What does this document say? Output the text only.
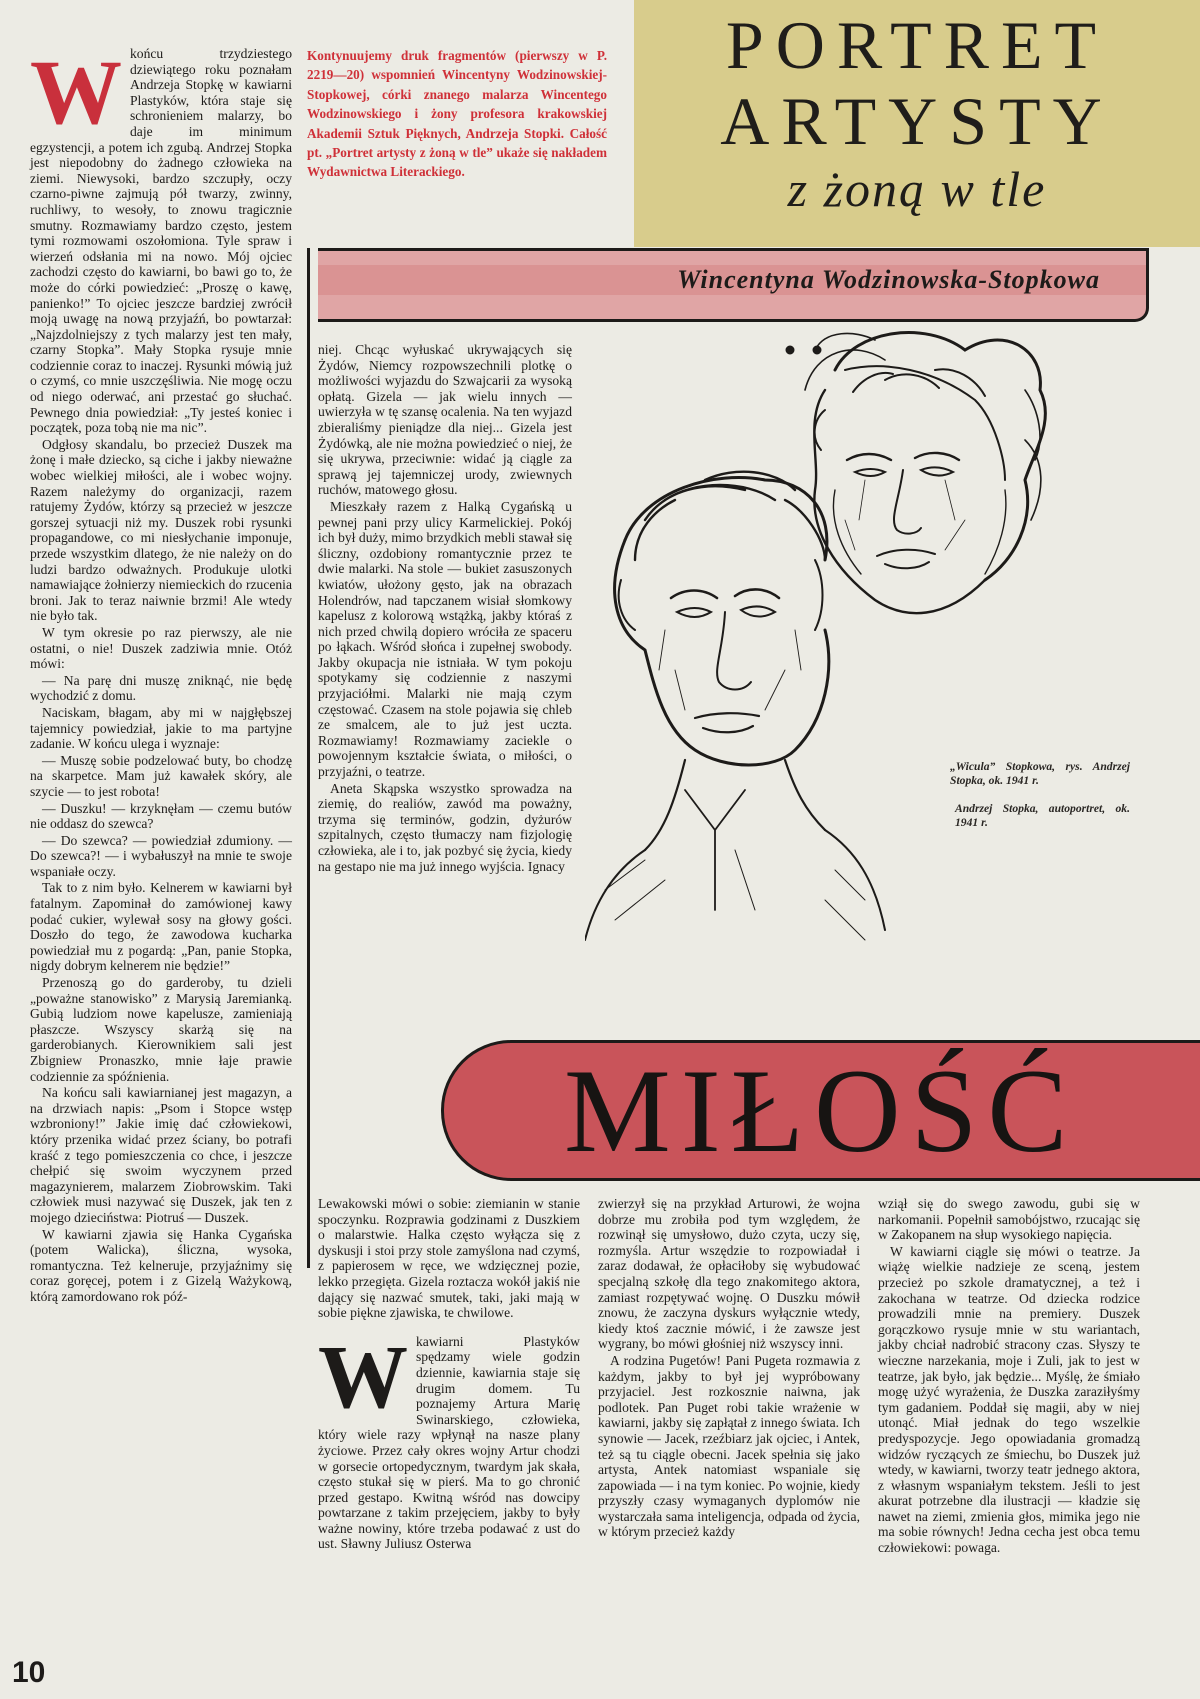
PORTRET
ARTYSTY
z żoną w tle
Kontynuujemy druk fragmentów (pierwszy w P. 2219—20) wspomnień Wincentyny Wodzinowskiej-Stopkowej, córki znanego malarza Wincentego Wodzinowskiego i żony profesora krakowskiej Akademii Sztuk Pięknych, Andrzeja Stopki. Całość pt. „Portret artysty z żoną w tle” ukaże się nakładem Wydawnictwa Literackiego.
Wincentyna Wodzinowska-Stopkowa
W końcu trzydziestego dziewiątego roku poznałam Andrzeja Stopkę w kawiarni Plastyków, która staje się schronieniem malarzy, bo daje im minimum egzystencji, a potem ich zgubą. Andrzej Stopka jest niepodobny do żadnego człowieka na ziemi. Niewysoki, bardzo szczupły, oczy czarno-piwne zajmują pół twarzy, zwinny, ruchliwy, to wesoły, to znowu tragicznie smutny. Rozmawiamy bardzo często, jestem tymi rozmowami oszołomiona. Tyle spraw i wierzeń odsłania mi na nowo. Mój ojciec zachodzi często do kawiarni, bo bawi go to, że może do córki powiedzieć: „Proszę o kawę, panienko!” To ojciec jeszcze bardziej zwrócił moją uwagę na nową przyjaźń, bo powtarzał: „Najzdolniejszy z tych malarzy jest ten mały, czarny Stopka”. Mały Stopka rysuje mnie codziennie coraz to inaczej. Rysunki mówią już o czymś, co mnie uszczęśliwia. Nie mogę oczu od niego oderwać, ani przestać go słuchać. Pewnego dnia powiedział: „Ty jesteś koniec i początek, poza tobą nie ma nic”.

Odgłosy skandalu, bo przecież Duszek ma żonę i małe dziecko, są ciche i jakby nieważne wobec wielkiej miłości, ale i wobec wojny. Razem należymy do organizacji, razem ratujemy Żydów, którzy są przecież w jeszcze gorszej sytuacji niż my. Duszek robi rysunki propagandowe, co mi niesłychanie imponuje, przede wszystkim dlatego, że nie należy on do ludzi bardzo odważnych. Produkuje ulotki namawiające żołnierzy niemieckich do rzucenia broni. Jak to teraz naiwnie brzmi! Ale wtedy nie było tak.

W tym okresie po raz pierwszy, ale nie ostatni, o nie! Duszek zadziwia mnie. Otóż mówi:

— Na parę dni muszę zniknąć, nie będę wychodzić z domu.

Naciskam, błagam, aby mi w najgłębszej tajemnicy powiedział, jakie to ma partyjne zadanie. W końcu ulega i wyznaje:

— Muszę sobie podzelować buty, bo chodzę na skarpetce. Mam już kawałek skóry, ale szycie — to jest robota!

— Duszku! — krzyknęłam — czemu butów nie oddasz do szewca?

— Do szewca? — powiedział zdumiony. — Do szewca?! — i wybałuszył na mnie te swoje wspaniałe oczy.

Tak to z nim było. Kelnerem w kawiarni był fatalnym. Zapominał do zamówionej kawy podać cukier, wylewał sosy na głowy gości. Doszło do tego, że zawodowa kucharka powiedział mu z pogardą: „Pan, panie Stopka, nigdy dobrym kelnerem nie będzie!”

Przenoszą go do garderoby, tu dzieli „poważne stanowisko” z Marysią Jaremianką. Gubią ludziom nowe kapelusze, zamieniają płaszcze. Wszyscy skarżą się na garderobianych. Kierownikiem sali jest Zbigniew Pronaszko, mnie łaje prawie codziennie za spóźnienia.

Na końcu sali kawiarnianej jest magazyn, a na drzwiach napis: „Psom i Stopce wstęp wzbroniony!” Jakie imię dać człowiekowi, który przenika widać przez ściany, bo potrafi kraść z tego pomieszczenia co chce, i jeszcze chełpić się swoim wyczynem przed magazynierem, malarzem Ziobrowskim. Taki człowiek musi nazywać się Duszek, jak ten z mojego dzieciństwa: Piotruś — Duszek.

W kawiarni zjawia się Hanka Cygańska (potem Walicka), śliczna, wysoka, romantyczna. Też kelneruje, przyjaźnimy się coraz goręcej, potem i z Gizelą Ważykową, którą zamordowano rok póź-

niej. Chcąc wyłuskać ukrywających się Żydów, Niemcy rozpowszechnili plotkę o możliwości wyjazdu do Szwajcarii za wysoką opłatą. Gizela — jak wielu innych — uwierzyła w tę szansę ocalenia. Na ten wyjazd zbieraliśmy pieniądze dla niej... Gizela jest Żydówką, ale nie można powiedzieć o niej, że się ukrywa, przeciwnie: widać ją ciągle za sprawą jej tajemniczej urody, zwiewnych ruchów, matowego głosu.

Mieszkały razem z Halką Cygańską u pewnej pani przy ulicy Karmelickiej. Pokój ich był duży, mimo brzydkich mebli stawał się śliczny, ozdobiony romantycznie przez te dwie malarki. Na stole — bukiet zasuszonych kwiatów, ułożony gęsto, jak na obrazach Holendrów, nad tapczanem wisiał słomkowy kapelusz z kolorową wstążką, jakby któraś z nich przed chwilą dopiero wróciła ze spaceru po łąkach. Wśród słońca i zupełnej swobody. Jakby okupacja nie istniała. W tym pokoju spotykamy się codziennie z naszymi przyjaciółmi. Malarki nie mają czym częstować. Czasem na stole pojawia się chleb ze smalcem, ale to już jest uczta. Rozmawiamy! Rozmawiamy zaciekle o powojennym kształcie świata, o miłości, o przyjaźni, o teatrze.

Aneta Skąpska wszystko sprowadza na ziemię, do realiów, zawód ma poważny, trzyma się terminów, godzin, dyżurów szpitalnych, często tłumaczy nam fizjologię człowieka, ale i to, jak pozbyć się życia, kiedy na gestapo nie ma już innego wyjścia. Ignacy

„Wicula” Stopkowa, rys. Andrzej Stopka, ok. 1941 r.
Andrzej Stopka, autoportret, ok. 1941 r.
MIŁOŚĆ

Lewakowski mówi o sobie: ziemianin w stanie spoczynku. Rozprawia godzinami z Duszkiem o malarstwie. Halka często wyłącza się z dyskusji i stoi przy stole zamyślona nad czymś, z papierosem w ręce, we wdzięcznej pozie, lekko przegięta. Gizela roztacza wokół jakiś nie dający się nazwać smutek, taki, jaki mają w sobie piękne zjawiska, te chwilowe.

W kawiarni Plastyków spędzamy wiele godzin dziennie, kawiarnia staje się drugim domem. Tu poznajemy Artura Marię Swinarskiego, człowieka, który wiele razy wpłynął na nasze plany życiowe. Przez cały okres wojny Artur chodzi w gorsecie ortopedycznym, twardym jak skała, często stukał się w pierś. Ma to go chronić przed gestapo. Kwitną wśród nas dowcipy powtarzane z takim przejęciem, jakby to były ważne nowiny, które trzeba podawać z ust do ust. Sławny Juliusz Osterwa

zwierzył się na przykład Arturowi, że wojna dobrze mu zrobiła pod tym względem, że rozwinął się umysłowo, dużo czyta, uczy się, rozmyśla. Artur wszędzie to rozpowiadał i zaraz dodawał, że opłaciłoby się wybudować specjalną szkołę dla tego znakomitego aktora, zamiast rozpętywać wojnę. O Duszku mówił znowu, że zaczyna dyskurs wyłącznie wtedy, kiedy ktoś zacznie mówić, i że zawsze jest wygrany, bo mówi głośniej niż wszyscy inni.

A rodzina Pugetów! Pani Pugeta rozmawia z każdym, jakby to był jej wypróbowany przyjaciel. Jest rozkosznie naiwna, jak podlotek. Pan Puget robi takie wrażenie w kawiarni, jakby się zapłątał z innego świata. Ich synowie — Jacek, rzeźbiarz jak ojciec, i Antek, też są tu ciągle obecni. Jacek spełnia się jako artysta, Antek natomiast wspaniale się zapowiada — i na tym koniec. Po wojnie, kiedy przyszły czasy wymaganych dyplomów nie wystarczała sama inteligencja, odpada od życia, w którym przecież każdy

wziął się do swego zawodu, gubi się w narkomanii. Popełnił samobójstwo, rzucając się w Zakopanem na słup wysokiego napięcia.

W kawiarni ciągle się mówi o teatrze. Ja wiążę wielkie nadzieje ze sceną, jestem przecież po szkole dramatycznej, a też i zakochana w teatrze. Od dziecka rodzice prowadzili mnie na premiery. Duszek gorączkowo rysuje mnie w stu wariantach, jakby chciał nadrobić stracony czas. Słyszy te wieczne narzekania, moje i Zuli, jak to jest w teatrze, jak było, jak będzie... Myślę, że śmiało mogę użyć wyrażenia, że Duszka zaraziłyśmy tym gadaniem. Poddał się magii, aby w niej utonąć. Miał jednak do tego wszelkie predyspozycje. Jego opowiadania gromadzą widzów ryczących ze śmiechu, bo Duszek już wtedy, w kawiarni, tworzy teatr jednego aktora, z własnym wspaniałym tekstem. Jeśli to jest akurat potrzebne dla ilustracji — kładzie się nawet na ziemi, zmienia głos, mimika jego nie ma sobie równych! Jedna cecha jest obca temu człowiekowi: powaga.

10
